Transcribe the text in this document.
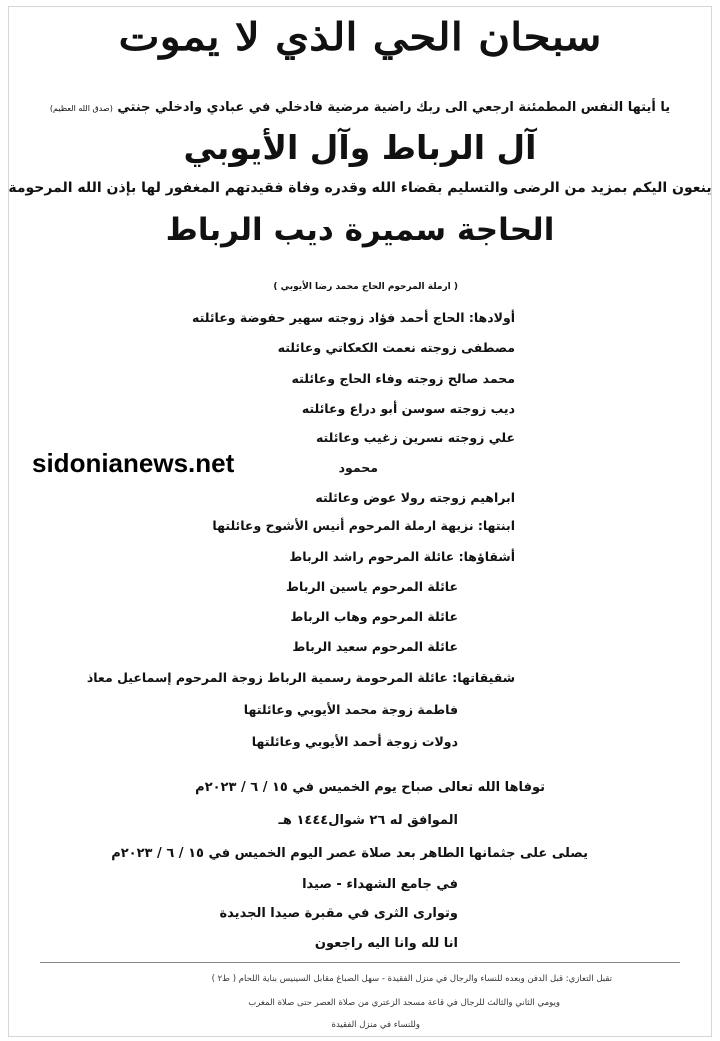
سبحان الحي الذي لا يموت
يا أيتها النفس المطمئنة ارجعي الى ربك راضية مرضية فادخلي في عبادي وادخلي جنتي (صدق الله العظيم)
آل الرباط وآل الأيوبي
ينعون اليكم بمزيد من الرضى والتسليم بقضاء الله وقدره وفاة فقيدتهم المغفور لها بإذن الله المرحومة
الحاجة سميرة ديب الرباط
( ارملة المرحوم الحاج محمد رضا الأيوبي )
أولادها: الحاج أحمد فؤاد زوجته سهير حفوضة وعائلته
مصطفى زوجته نعمت الكعكاتي وعائلته
محمد صالح زوجته وفاء الحاج وعائلته
ديب زوجته سوسن أبو دراع وعائلته
علي زوجته نسرين زغيب وعائلته
محمود
ابراهيم زوجته رولا عوض وعائلته
ابنتها: نزيهة ارملة المرحوم أنيس الأشوح وعائلتها
أشقاؤها: عائلة المرحوم راشد الرباط
عائلة المرحوم ياسين الرباط
عائلة المرحوم وهاب الرباط
عائلة المرحوم سعيد الرباط
شقيقاتها: عائلة المرحومة رسمية الرباط زوجة المرحوم إسماعيل معاذ
فاطمة زوجة محمد الأيوبي وعائلتها
دولات زوجة أحمد الأيوبي وعائلتها
sidonianews.net
توفاها الله تعالى صباح يوم الخميس في ١٥ / ٦ / ٢٠٢٣م
الموافق له ٢٦ شوال١٤٤٤ هـ
يصلى على جثمانها الطاهر بعد صلاة عصر اليوم الخميس في ١٥ / ٦ / ٢٠٢٣م
في جامع الشهداء - صيدا
وتوارى الثرى في مقبرة صيدا الجديدة
انا لله وانا اليه راجعون
تقبل التعازي: قبل الدفن وبعده للنساء والرجال في منزل الفقيدة - سهل الصباغ مقابل السينيس بناية اللحام ( ط٢ )
ويومي الثاني والثالث للرجال في قاعة مسجد الزعتري من صلاة العصر حتى صلاة المغرب
وللنساء في منزل الفقيدة
